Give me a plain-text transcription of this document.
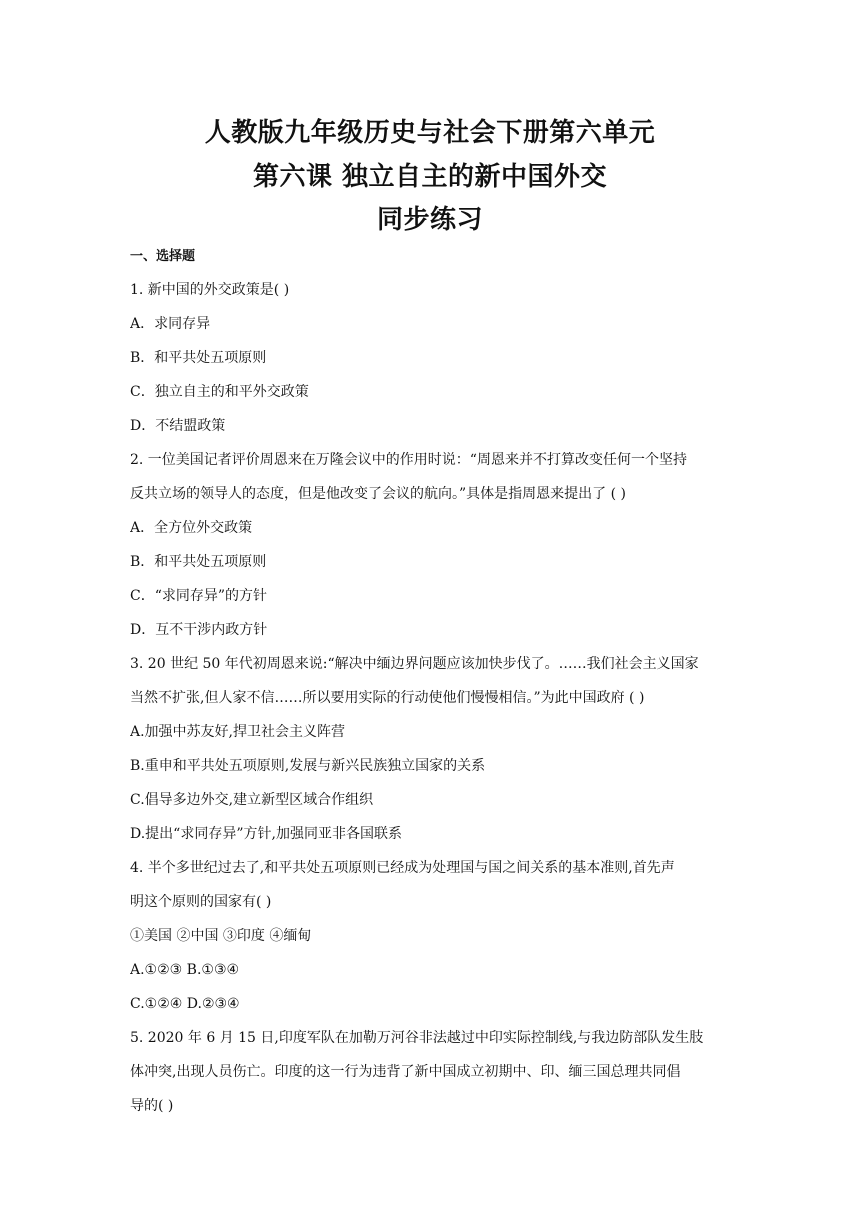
人教版九年级历史与社会下册第六单元
第六课 独立自主的新中国外交
同步练习
一、选择题
1. 新中国的外交政策是( )
A．求同存异
B．和平共处五项原则
C．独立自主的和平外交政策
D．不结盟政策
2. 一位美国记者评价周恩来在万隆会议中的作用时说：“周恩来并不打算改变任何一个坚持
反共立场的领导人的态度，但是他改变了会议的航向。”具体是指周恩来提出了 ( )
A．全方位外交政策
B．和平共处五项原则
C．“求同存异”的方针
D．互不干涉内政方针
3. 20 世纪 50 年代初周恩来说:“解决中缅边界问题应该加快步伐了。……我们社会主义国家
当然不扩张,但人家不信……所以要用实际的行动使他们慢慢相信。”为此中国政府 ( )
A.加强中苏友好,捍卫社会主义阵营
B.重申和平共处五项原则,发展与新兴民族独立国家的关系
C.倡导多边外交,建立新型区域合作组织
D.提出“求同存异”方针,加强同亚非各国联系
4. 半个多世纪过去了,和平共处五项原则已经成为处理国与国之间关系的基本准则,首先声
明这个原则的国家有( )
①美国 ②中国 ③印度 ④缅甸
A.①②③ B.①③④
C.①②④ D.②③④
5. 2020 年 6 月 15 日,印度军队在加勒万河谷非法越过中印实际控制线,与我边防部队发生肢
体冲突,出现人员伤亡。印度的这一行为违背了新中国成立初期中、印、缅三国总理共同倡
导的( )
